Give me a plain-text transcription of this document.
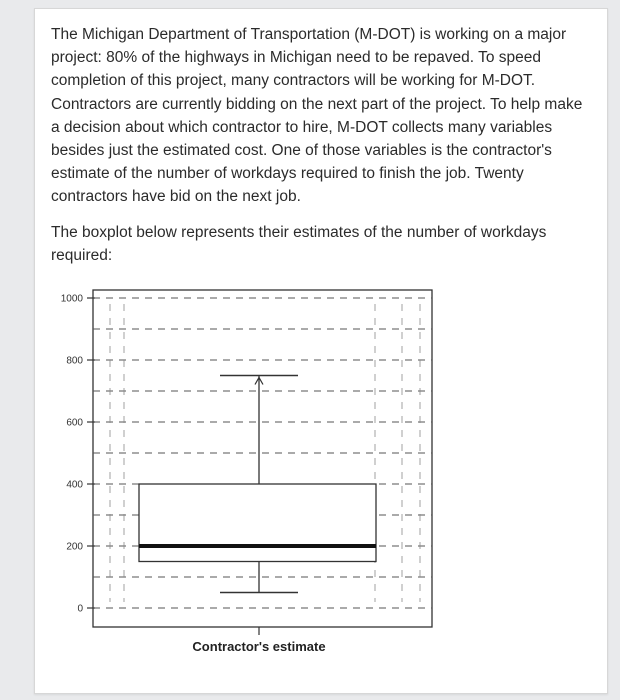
The Michigan Department of Transportation (M-DOT) is working on a major project: 80% of the highways in Michigan need to be repaved. To speed completion of this project, many contractors will be working for M-DOT. Contractors are currently bidding on the next part of the project. To help make a decision about which contractor to hire, M-DOT collects many variables besides just the estimated cost. One of those variables is the contractor's estimate of the number of workdays required to finish the job. Twenty contractors have bid on the next job.

The boxplot below represents their estimates of the number of workdays required:

0
200
400
600
800
1000
Contractor's estimate
